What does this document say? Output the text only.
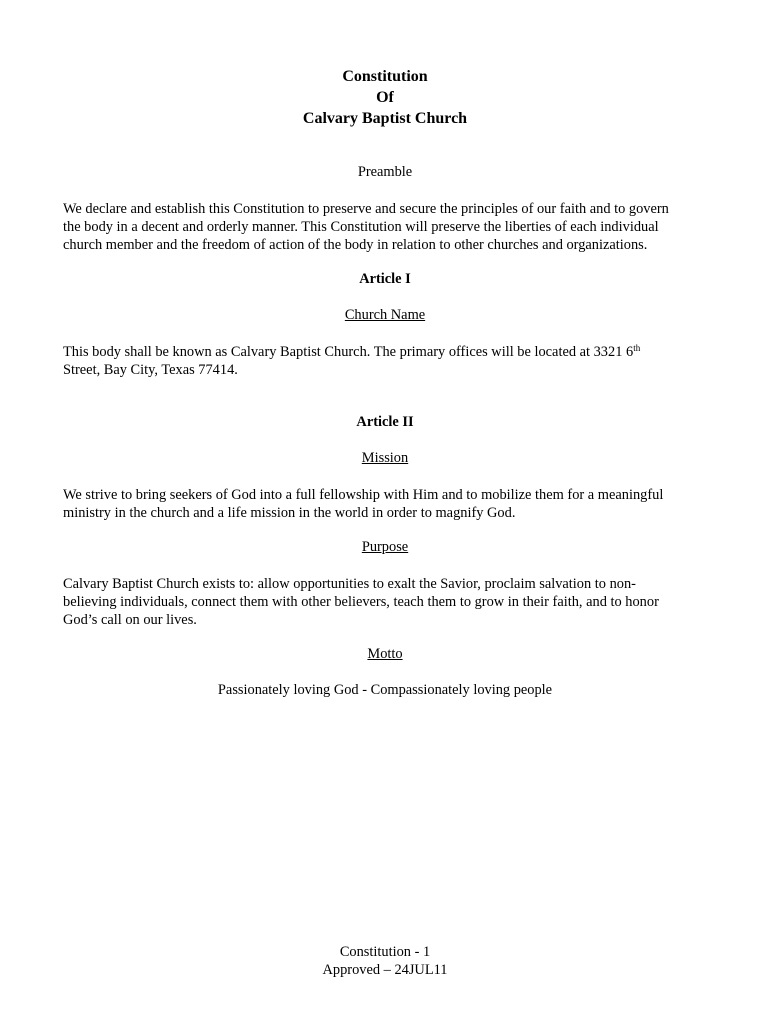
Constitution
Of
Calvary Baptist Church
Preamble
We declare and establish this Constitution to preserve and secure the principles of our faith and to govern
the body in a decent and orderly manner. This Constitution will preserve the liberties of each individual
church member and the freedom of action of the body in relation to other churches and organizations.
Article I
Church Name
This body shall be known as Calvary Baptist Church. The primary offices will be located at 3321 6th
Street, Bay City, Texas 77414.
Article II
Mission
We strive to bring seekers of God into a full fellowship with Him and to mobilize them for a meaningful
ministry in the church and a life mission in the world in order to magnify God.
Purpose
Calvary Baptist Church exists to: allow opportunities to exalt the Savior, proclaim salvation to non-
believing individuals, connect them with other believers, teach them to grow in their faith, and to honor
God’s call on our lives.
Motto
Passionately loving God - Compassionately loving people
Constitution - 1
Approved – 24JUL11
